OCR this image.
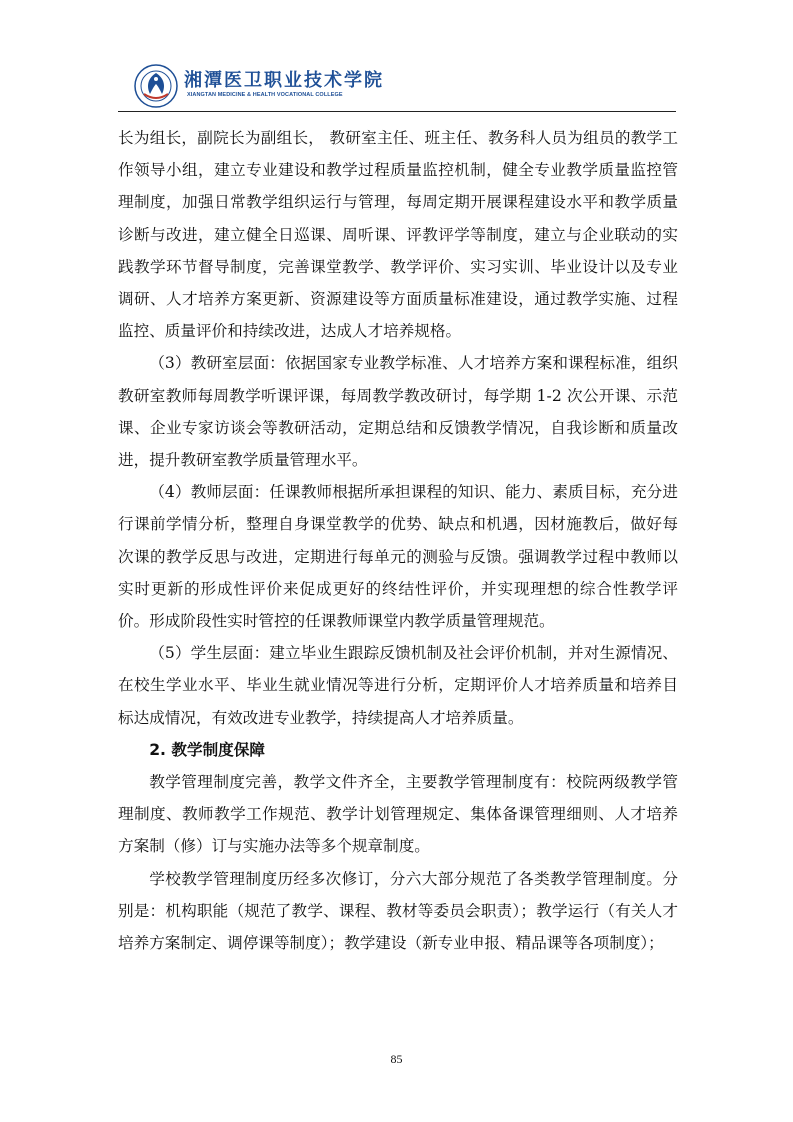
湘潭医卫职业技术学院
XIANGTAN MEDICINE & HEALTH VOCATIONAL COLLEGE

长为组长，副院长为副组长， 教研室主任、班主任、教务科人员为组员的教学工作领导小组，建立专业建设和教学过程质量监控机制，健全专业教学质量监控管理制度，加强日常教学组织运行与管理，每周定期开展课程建设水平和教学质量诊断与改进，建立健全日巡课、周听课、评教评学等制度，建立与企业联动的实践教学环节督导制度，完善课堂教学、教学评价、实习实训、毕业设计以及专业调研、人才培养方案更新、资源建设等方面质量标准建设，通过教学实施、过程监控、质量评价和持续改进，达成人才培养规格。

（3）教研室层面：依据国家专业教学标准、人才培养方案和课程标准，组织教研室教师每周教学听课评课，每周教学教改研讨，每学期 1-2 次公开课、示范课、企业专家访谈会等教研活动，定期总结和反馈教学情况，自我诊断和质量改进，提升教研室教学质量管理水平。

（4）教师层面：任课教师根据所承担课程的知识、能力、素质目标，充分进行课前学情分析，整理自身课堂教学的优势、缺点和机遇，因材施教后，做好每次课的教学反思与改进，定期进行每单元的测验与反馈。强调教学过程中教师以实时更新的形成性评价来促成更好的终结性评价，并实现理想的综合性教学评价。形成阶段性实时管控的任课教师课堂内教学质量管理规范。

（5）学生层面：建立毕业生跟踪反馈机制及社会评价机制，并对生源情况、在校生学业水平、毕业生就业情况等进行分析，定期评价人才培养质量和培养目标达成情况，有效改进专业教学，持续提高人才培养质量。

2. 教学制度保障

教学管理制度完善，教学文件齐全，主要教学管理制度有：校院两级教学管理制度、教师教学工作规范、教学计划管理规定、集体备课管理细则、人才培养方案制（修）订与实施办法等多个规章制度。

学校教学管理制度历经多次修订，分六大部分规范了各类教学管理制度。分别是：机构职能（规范了教学、课程、教材等委员会职责）；教学运行（有关人才培养方案制定、调停课等制度）；教学建设（新专业申报、精品课等各项制度）；

85
